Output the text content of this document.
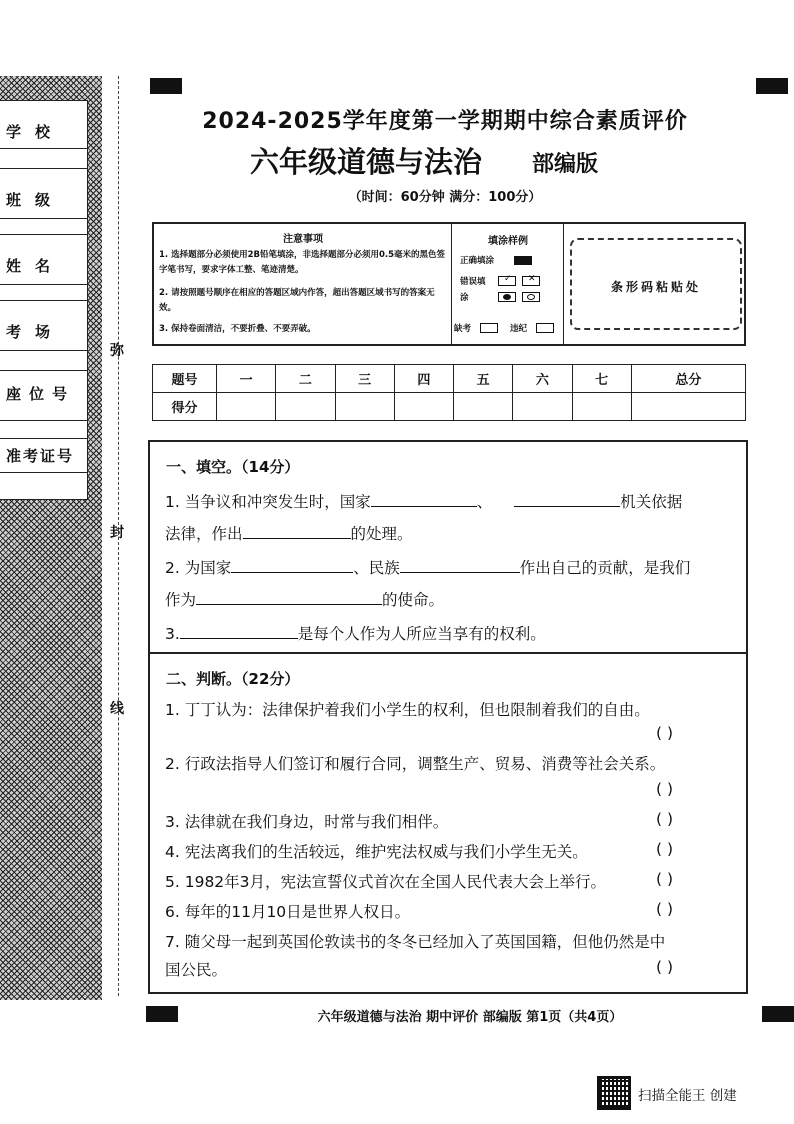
学校
班级
姓名
考场
座位号
准考证号
弥
封
线
2024-2025学年度第一学期期中综合素质评价
六年级道德与法治 部编版
（时间：60分钟 满分：100分）
注意事项
1. 选择题部分必须使用2B铅笔填涂，非选择题部分必须用0.5毫米的黑色签字笔书写，要求字体工整、笔迹清楚。
2. 请按照题号顺序在相应的答题区域内作答，超出答题区域书写的答案无效。
3. 保持卷面清洁，不要折叠、不要弄破。
填涂样例
正确填涂
错误填涂
✓ ✕
缺考	违纪
条形码粘贴处
题号	一	二	三	四	五	六	七	总分
得分								
一、填空。（14分）
1. 当争议和冲突发生时，国家	、	机关依据
法律，作出	的处理。
2. 为国家	、民族	作出自己的贡献，是我们
作为	的使命。
3.	是每个人作为人所应当享有的权利。
二、判断。（22分）
1. 丁丁认为：法律保护着我们小学生的权利，但也限制着我们的自由。
( )
2. 行政法指导人们签订和履行合同，调整生产、贸易、消费等社会关系。
( )
3. 法律就在我们身边，时常与我们相伴。	( )
4. 宪法离我们的生活较远，维护宪法权威与我们小学生无关。	( )
5. 1982年3月，宪法宣誓仪式首次在全国人民代表大会上举行。	( )
6. 每年的11月10日是世界人权日。	( )
7. 随父母一起到英国伦敦读书的冬冬已经加入了英国国籍，但他仍然是中
国公民。	( )
六年级道德与法治 期中评价 部编版 第1页（共4页）
扫描全能王 创建
